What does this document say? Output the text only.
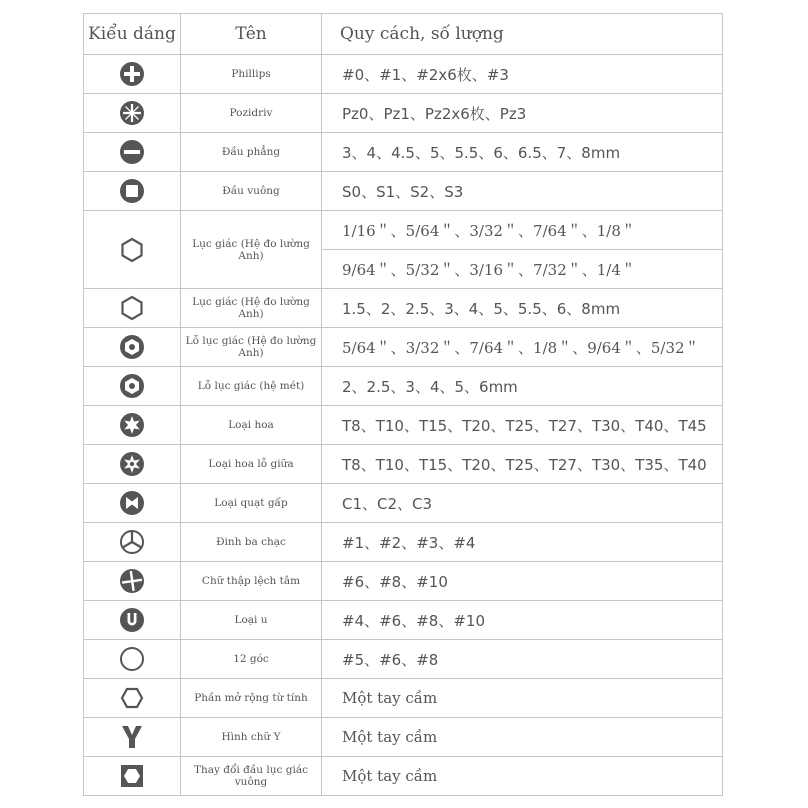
Kiểu dáng	Tên	Quy cách, số lượng

	Phillips	#0、#1、#2x6枚、#3

	Pozidriv	Pz0、Pz1、Pz2x6枚、Pz3

	Đầu phẳng	3、4、4.5、5、5.5、6、6.5、7、8mm

	Đầu vuông	S0、S1、S2、S3

	Lục giác (Hệ đo lường Anh)	1/16＂、5/64＂、3/32＂、7/64＂、1/8＂
		9/64＂、5/32＂、3/16＂、7/32＂、1/4＂

	Lục giác (Hệ đo lường Anh)	1.5、2、2.5、3、4、5、5.5、6、8mm

	Lỗ lục giác (Hệ đo lường Anh)	5/64＂、3/32＂、7/64＂、1/8＂、9/64＂、5/32＂

	Lỗ lục giác (hệ mét)	2、2.5、3、4、5、6mm

	Loại hoa	T8、T10、T15、T20、T25、T27、T30、T40、T45

	Loại hoa lỗ giữa	T8、T10、T15、T20、T25、T27、T30、T35、T40

	Loại quạt gấp	C1、C2、C3

	Đinh ba chạc	#1、#2、#3、#4

	Chữ thập lệch tâm	#6、#8、#10

	Loại u	#4、#6、#8、#10

	12 góc	#5、#6、#8

	Phần mở rộng từ tính	Một tay cầm

	Hình chữ Y	Một tay cầm

	Thay đổi đầu lục giác vuông	Một tay cầm
